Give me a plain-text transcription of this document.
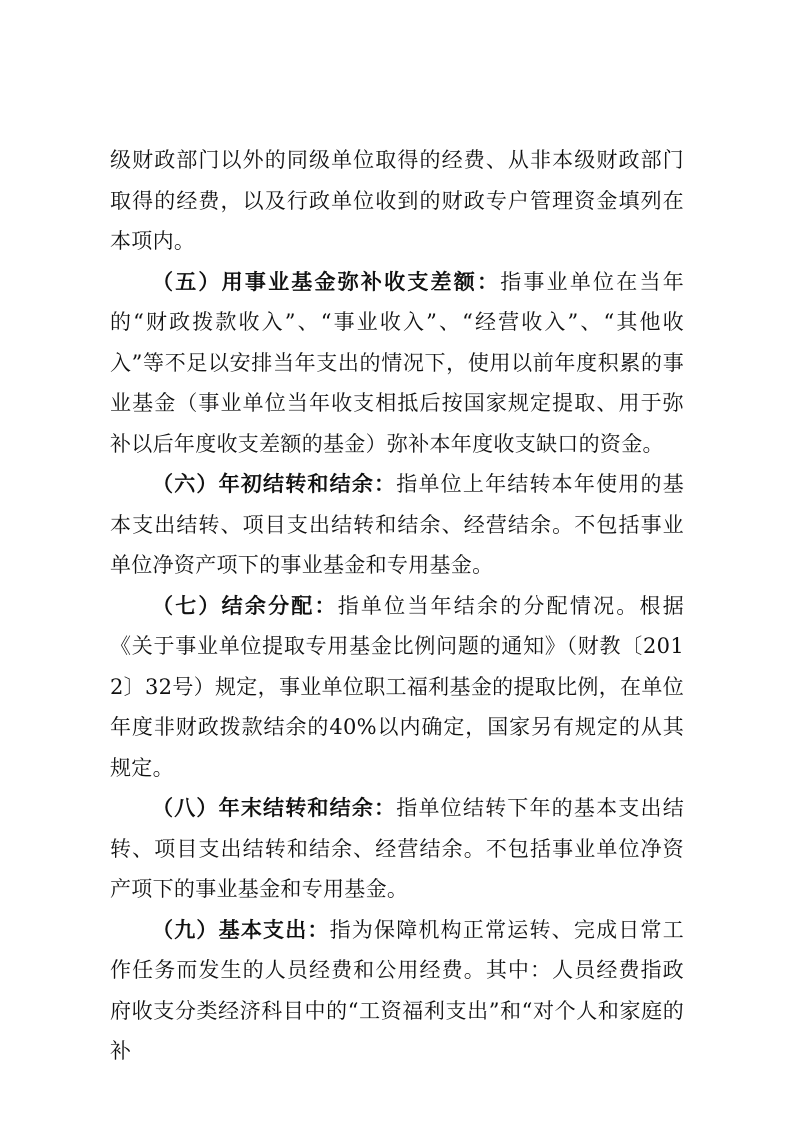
级财政部门以外的同级单位取得的经费、从非本级财政部门取得的经费，以及行政单位收到的财政专户管理资金填列在本项内。

（五）用事业基金弥补收支差额：指事业单位在当年的“财政拨款收入”、“事业收入”、“经营收入”、“其他收入”等不足以安排当年支出的情况下，使用以前年度积累的事业基金（事业单位当年收支相抵后按国家规定提取、用于弥补以后年度收支差额的基金）弥补本年度收支缺口的资金。

（六）年初结转和结余：指单位上年结转本年使用的基本支出结转、项目支出结转和结余、经营结余。不包括事业单位净资产项下的事业基金和专用基金。

（七）结余分配：指单位当年结余的分配情况。根据《关于事业单位提取专用基金比例问题的通知》（财教〔2012〕32号）规定，事业单位职工福利基金的提取比例，在单位年度非财政拨款结余的40%以内确定，国家另有规定的从其规定。

（八）年末结转和结余：指单位结转下年的基本支出结转、项目支出结转和结余、经营结余。不包括事业单位净资产项下的事业基金和专用基金。

（九）基本支出：指为保障机构正常运转、完成日常工作任务而发生的人员经费和公用经费。其中：人员经费指政府收支分类经济科目中的“工资福利支出”和“对个人和家庭的补
